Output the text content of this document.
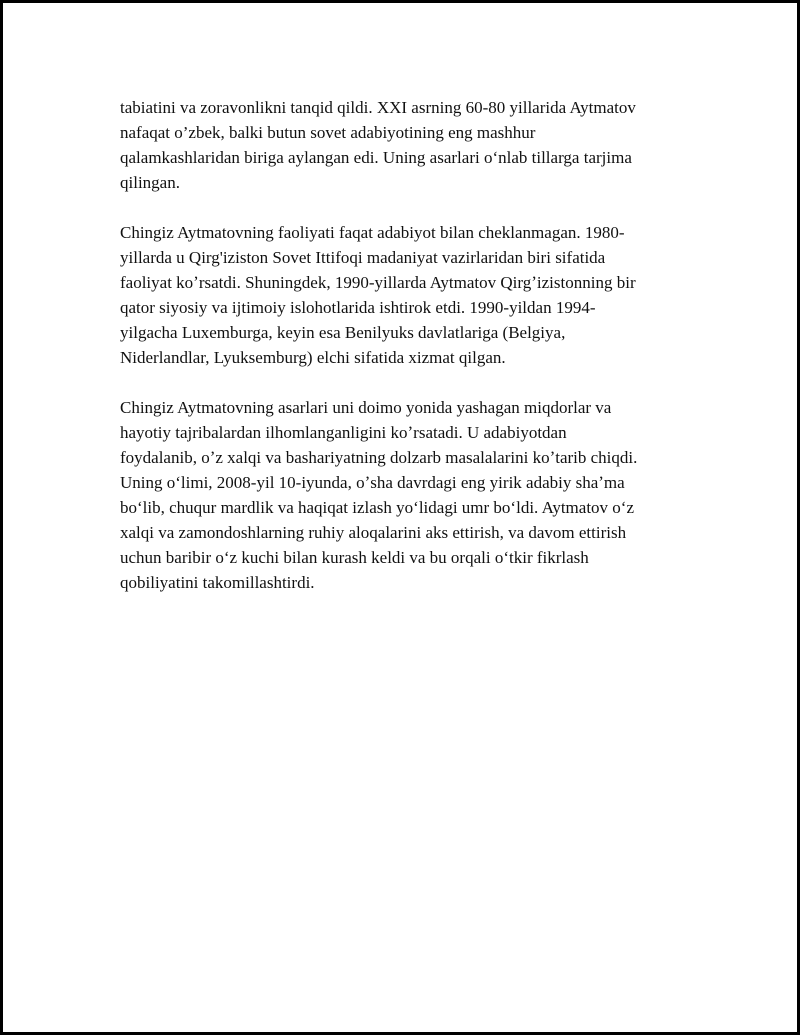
tabiatini va zoravonlikni tanqid qildi. XXI asrning 60-80 yillarida Aytmatov
nafaqat o’zbek, balki butun sovet adabiyotining eng mashhur
qalamkashlaridan biriga aylangan edi. Uning asarlari oʻnlab tillarga tarjima
qilingan.

Chingiz Aytmatovning faoliyati faqat adabiyot bilan cheklanmagan. 1980-
yillarda u Qirg'iziston Sovet Ittifoqi madaniyat vazirlaridan biri sifatida
faoliyat koʼrsatdi. Shuningdek, 1990-yillarda Aytmatov Qirgʼizistonning bir
qator siyosiy va ijtimoiy islohotlarida ishtirok etdi. 1990-yildan 1994-
yilgacha Luxemburga, keyin esa Benilyuks davlatlariga (Belgiya,
Niderlandlar, Lyuksemburg) elchi sifatida xizmat qilgan.

Chingiz Aytmatovning asarlari uni doimo yonida yashagan miqdorlar va
hayotiy tajribalardan ilhomlanganligini koʼrsatadi. U adabiyotdan
foydalanib, oʼz xalqi va bashariyatning dolzarb masalalarini koʼtarib chiqdi.
Uning oʻlimi, 2008-yil 10-iyunda, oʼsha davrdagi eng yirik adabiy shaʼma
boʻlib, chuqur mardlik va haqiqat izlash yoʻlidagi umr boʻldi. Aytmatov oʻz
xalqi va zamondoshlarning ruhiy aloqalarini aks ettirish, va davom ettirish
uchun baribir oʻz kuchi bilan kurash keldi va bu orqali oʻtkir fikrlash
qobiliyatini takomillashtirdi.
